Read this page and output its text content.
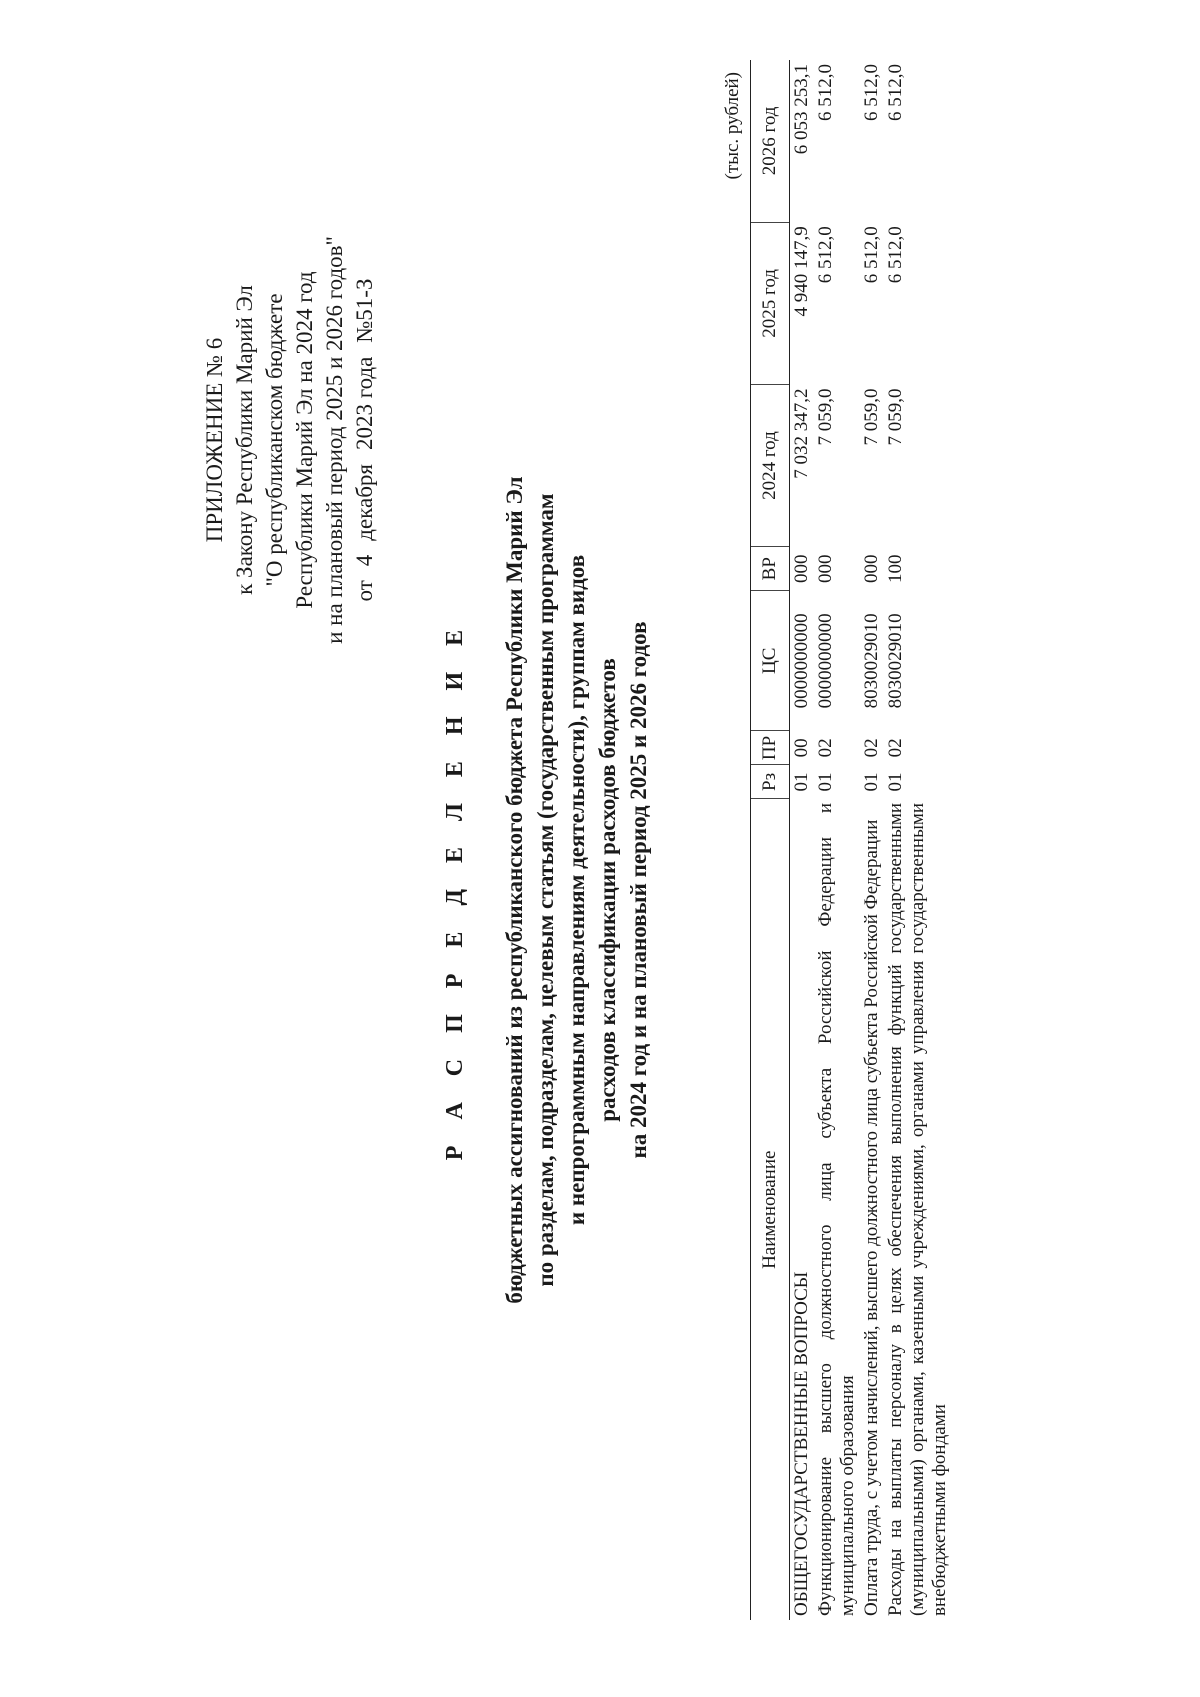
ПРИЛОЖЕНИЕ № 6 к Закону Республики Марий Эл "О республиканском бюджете Республики Марий Эл на 2024 год и на плановый период 2025 и 2026 годов" от
4
декабря
2023 года
№51-З
Р А С П Р Е Д Е Л Е Н И Е бюджетных ассигнований из республиканского бюджета Республики Марий Эл по разделам, подразделам, целевым статьям (государственным программам и непрограммным направлениям деятельности), группам видов расходов классификации расходов бюджетов на 2024 год и на плановый период 2025 и 2026 годов
(тыс. рублей)
Наименование	Рз	ПР	ЦС	ВР	2024 год	2025 год	2026 год
ОБЩЕГОСУДАРСТВЕННЫЕ ВОПРОСЫ	01	00	0000000000	000	7 032 347,2	4 940 147,9	6 053 253,1
Функционирование высшего должностного лица субъекта Российской Федерации и муниципального образования	01	02	0000000000	000	7 059,0	6 512,0	6 512,0
Оплата труда, с учетом начислений, высшего должностного лица субъекта Российской Федерации	01	02	8030029010	000	7 059,0	6 512,0	6 512,0
Расходы на выплаты персоналу в целях обеспечения выполнения функций государственными (муниципальными) органами, казенными учреждениями, органами управления государственными внебюджетными фондами	01	02	8030029010	100	7 059,0	6 512,0	6 512,0
